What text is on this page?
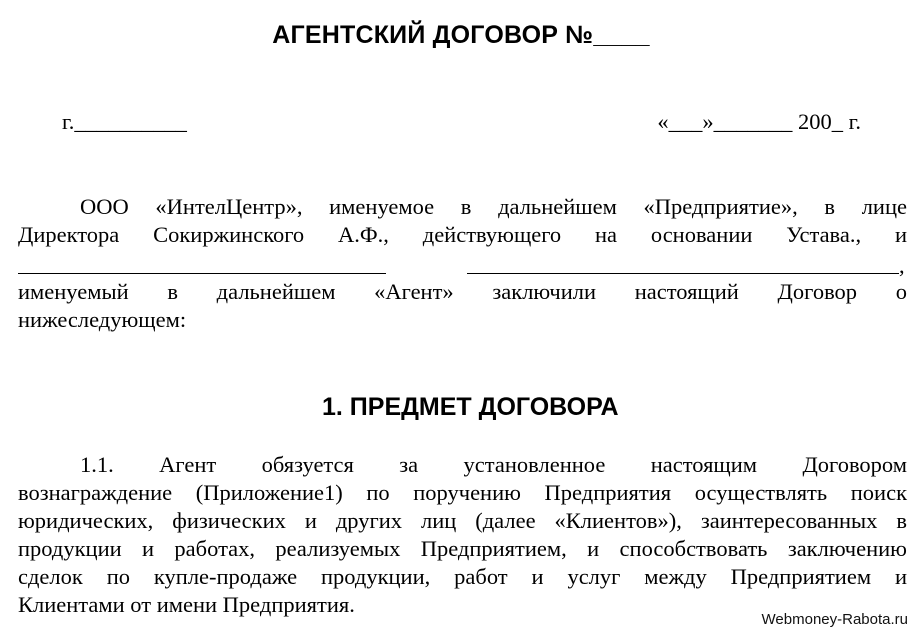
АГЕНТСКИЙ ДОГОВОР №____
г.__________	«___»_______ 200_ г.
ООО «ИнтелЦентр», именуемое в дальнейшем «Предприятие», в лице
Директора Сокиржинского А.Ф., действующего на основании Устава., и
,
именуемый в дальнейшем «Агент» заключили настоящий Договор о
нижеследующем:
1. ПРЕДМЕТ ДОГОВОРА
1.1. Агент обязуется за установленное настоящим Договором
вознаграждение (Приложение1) по поручению Предприятия осуществлять поиск
юридических, физических и других лиц (далее «Клиентов»), заинтересованных в
продукции и работах, реализуемых Предприятием, и способствовать заключению
сделок по купле-продаже продукции, работ и услуг между Предприятием и
Клиентами от имени Предприятия.
Webmoney-Rabota.ru
